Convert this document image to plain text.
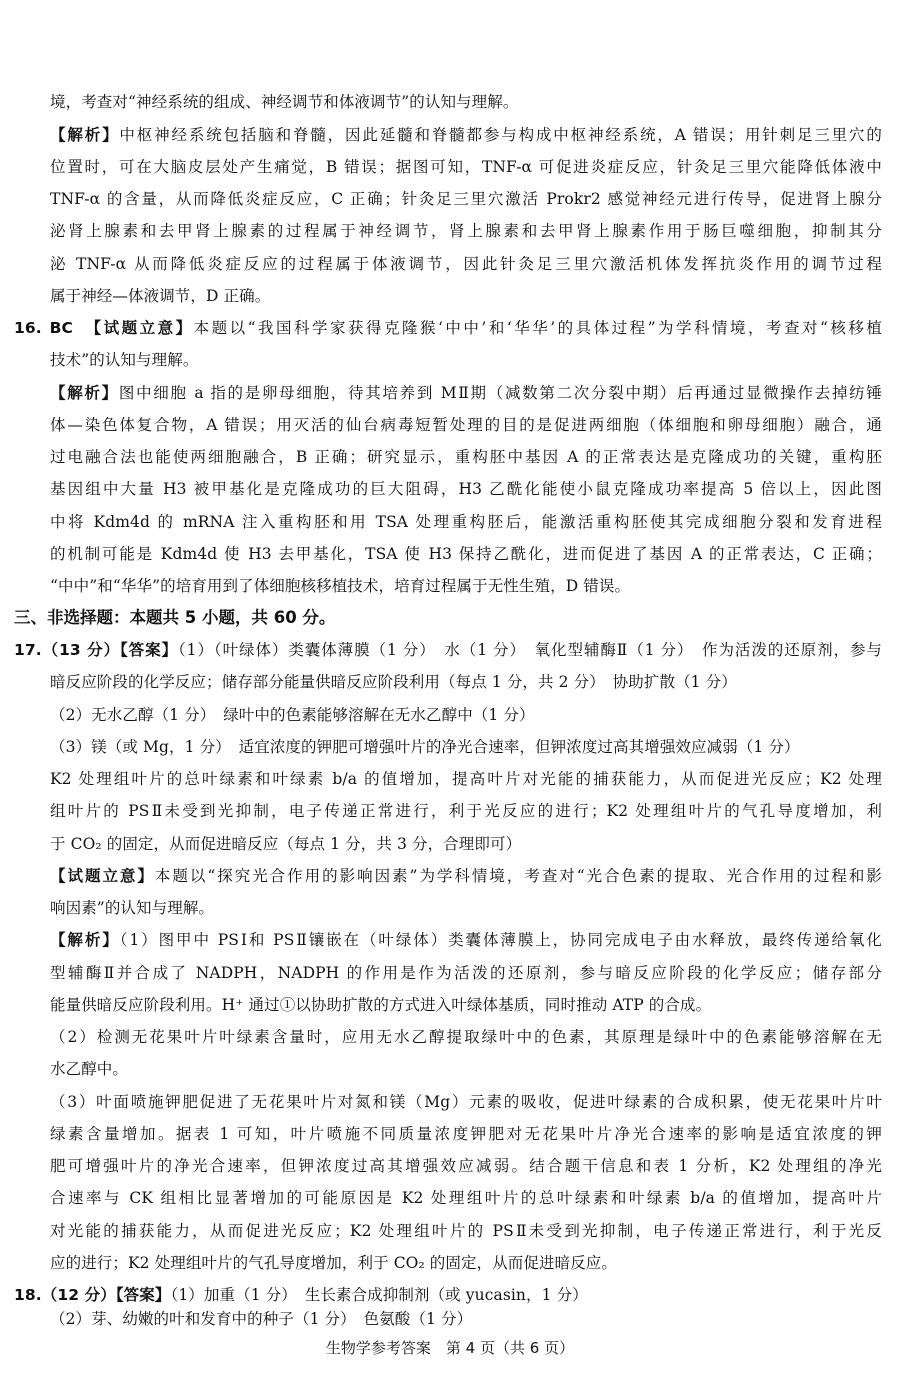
境，考查对“神经系统的组成、神经调节和体液调节”的认知与理解。
【解析】中枢神经系统包括脑和脊髓，因此延髓和脊髓都参与构成中枢神经系统，A 错误；用针刺足三里穴的
位置时，可在大脑皮层处产生痛觉，B 错误；据图可知，TNF-α 可促进炎症反应，针灸足三里穴能降低体液中
TNF-α 的含量，从而降低炎症反应，C 正确；针灸足三里穴激活 Prokr2 感觉神经元进行传导，促进肾上腺分
泌肾上腺素和去甲肾上腺素的过程属于神经调节，肾上腺素和去甲肾上腺素作用于肠巨噬细胞，抑制其分
泌 TNF-α 从而降低炎症反应的过程属于体液调节，因此针灸足三里穴激活机体发挥抗炎作用的调节过程
属于神经—体液调节，D 正确。
16. BC　【试题立意】本题以“我国科学家获得克隆猴‘中中’和‘华华’的具体过程”为学科情境，考查对“核移植
技术”的认知与理解。
【解析】图中细胞 a 指的是卵母细胞，待其培养到 MⅡ期（减数第二次分裂中期）后再通过显微操作去掉纺锤
体—染色体复合物，A 错误；用灭活的仙台病毒短暂处理的目的是促进两细胞（体细胞和卵母细胞）融合，通
过电融合法也能使两细胞融合，B 正确；研究显示，重构胚中基因 A 的正常表达是克隆成功的关键，重构胚
基因组中大量 H3 被甲基化是克隆成功的巨大阻碍，H3 乙酰化能使小鼠克隆成功率提高 5 倍以上，因此图
中将 Kdm4d 的 mRNA 注入重构胚和用 TSA 处理重构胚后，能激活重构胚使其完成细胞分裂和发育进程
的机制可能是 Kdm4d 使 H3 去甲基化，TSA 使 H3 保持乙酰化，进而促进了基因 A 的正常表达，C 正确；
“中中”和“华华”的培育用到了体细胞核移植技术，培育过程属于无性生殖，D 错误。
三、非选择题：本题共 5 小题，共 60 分。
17.（13 分）【答案】（1）（叶绿体）类囊体薄膜（1 分）　水（1 分）　氧化型辅酶Ⅱ（1 分）　作为活泼的还原剂，参与
暗反应阶段的化学反应；储存部分能量供暗反应阶段利用（每点 1 分，共 2 分）　协助扩散（1 分）
（2）无水乙醇（1 分）　绿叶中的色素能够溶解在无水乙醇中（1 分）
（3）镁（或 Mg，1 分）　适宜浓度的钾肥可增强叶片的净光合速率，但钾浓度过高其增强效应减弱（1 分）
K2 处理组叶片的总叶绿素和叶绿素 b/a 的值增加，提高叶片对光能的捕获能力，从而促进光反应；K2 处理
组叶片的 PSⅡ未受到光抑制，电子传递正常进行，利于光反应的进行；K2 处理组叶片的气孔导度增加，利
于 CO₂ 的固定，从而促进暗反应（每点 1 分，共 3 分，合理即可）
【试题立意】本题以“探究光合作用的影响因素”为学科情境，考查对“光合色素的提取、光合作用的过程和影
响因素”的认知与理解。
【解析】（1）图甲中 PSⅠ和 PSⅡ镶嵌在（叶绿体）类囊体薄膜上，协同完成电子由水释放，最终传递给氧化
型辅酶Ⅱ并合成了 NADPH，NADPH 的作用是作为活泼的还原剂，参与暗反应阶段的化学反应；储存部分
能量供暗反应阶段利用。H⁺ 通过①以协助扩散的方式进入叶绿体基质，同时推动 ATP 的合成。
（2）检测无花果叶片叶绿素含量时，应用无水乙醇提取绿叶中的色素，其原理是绿叶中的色素能够溶解在无
水乙醇中。
（3）叶面喷施钾肥促进了无花果叶片对氮和镁（Mg）元素的吸收，促进叶绿素的合成积累，使无花果叶片叶
绿素含量增加。据表 1 可知，叶片喷施不同质量浓度钾肥对无花果叶片净光合速率的影响是适宜浓度的钾
肥可增强叶片的净光合速率，但钾浓度过高其增强效应减弱。结合题干信息和表 1 分析，K2 处理组的净光
合速率与 CK 组相比显著增加的可能原因是 K2 处理组叶片的总叶绿素和叶绿素 b/a 的值增加，提高叶片
对光能的捕获能力，从而促进光反应；K2 处理组叶片的 PSⅡ未受到光抑制，电子传递正常进行，利于光反
应的进行；K2 处理组叶片的气孔导度增加，利于 CO₂ 的固定，从而促进暗反应。
18.（12 分）【答案】（1）加重（1 分）　生长素合成抑制剂（或 yucasin，1 分）
（2）芽、幼嫩的叶和发育中的种子（1 分）　色氨酸（1 分）
生物学参考答案　第 4 页（共 6 页）
